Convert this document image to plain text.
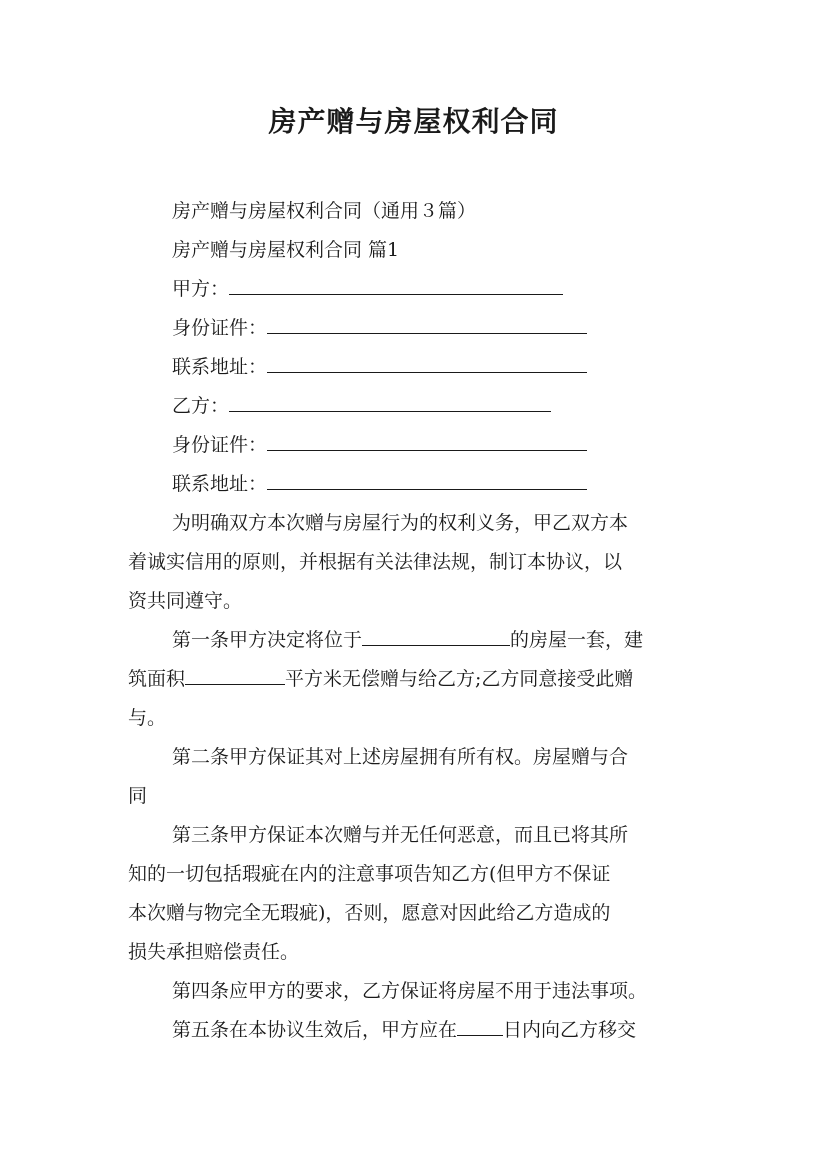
房产赠与房屋权利合同
房产赠与房屋权利合同（通用３篇）
房产赠与房屋权利合同 篇1
甲方：
身份证件：
联系地址：
乙方：
身份证件：
联系地址：
为明确双方本次赠与房屋行为的权利义务，甲乙双方本
着诚实信用的原则，并根据有关法律法规，制订本协议，以
资共同遵守。
第一条甲方决定将位于	的房屋一套，建
筑面积	平方米无偿赠与给乙方;乙方同意接受此赠
与。
第二条甲方保证其对上述房屋拥有所有权。房屋赠与合
同
第三条甲方保证本次赠与并无任何恶意，而且已将其所
知的一切包括瑕疵在内的注意事项告知乙方(但甲方不保证
本次赠与物完全无瑕疵)，否则，愿意对因此给乙方造成的
损失承担赔偿责任。
第四条应甲方的要求，乙方保证将房屋不用于违法事项。
第五条在本协议生效后，甲方应在 日内向乙方移交
